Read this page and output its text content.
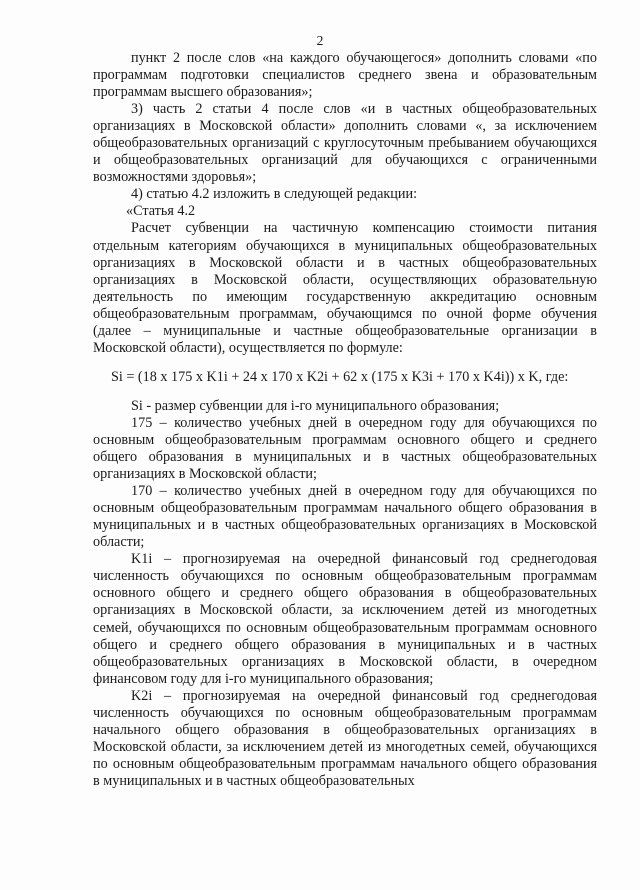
2

пункт 2 после слов «на каждого обучающегося» дополнить словами «по программам подготовки специалистов среднего звена и образовательным программам высшего образования»;

3) часть 2 статьи 4 после слов «и в частных общеобразовательных организациях в Московской области» дополнить словами «, за исключением общеобразовательных организаций с круглосуточным пребыванием обучающихся и общеобразовательных организаций для обучающихся с ограниченными возможностями здоровья»;

4) статью 4.2 изложить в следующей редакции:

«Статья 4.2

Расчет субвенции на частичную компенсацию стоимости питания отдельным категориям обучающихся в муниципальных общеобразовательных организациях в Московской области и в частных общеобразовательных организациях в Московской области, осуществляющих образовательную деятельность по имеющим государственную аккредитацию основным общеобразовательным программам, обучающимся по очной форме обучения (далее – муниципальные и частные общеобразовательные организации в Московской области), осуществляется по формуле:

Si = (18 x 175 x K1i + 24 x 170 x K2i + 62 x (175 x K3i + 170 x K4i)) x K, где:

Si - размер субвенции для i-го муниципального образования;

175 – количество учебных дней в очередном году для обучающихся по основным общеобразовательным программам основного общего и среднего общего образования в муниципальных и в частных общеобразовательных организациях в Московской области;

170 – количество учебных дней в очередном году для обучающихся по основным общеобразовательным программам начального общего образования в муниципальных и в частных общеобразовательных организациях в Московской области;

K1i – прогнозируемая на очередной финансовый год среднегодовая численность обучающихся по основным общеобразовательным программам основного общего и среднего общего образования в общеобразовательных организациях в Московской области, за исключением детей из многодетных семей, обучающихся по основным общеобразовательным программам основного общего и среднего общего образования в муниципальных и в частных общеобразовательных организациях в Московской области, в очередном финансовом году для i-го муниципального образования;

K2i – прогнозируемая на очередной финансовый год среднегодовая численность обучающихся по основным общеобразовательным программам начального общего образования в общеобразовательных организациях в Московской области, за исключением детей из многодетных семей, обучающихся по основным общеобразовательным программам начального общего образования в муниципальных и в частных общеобразовательных
